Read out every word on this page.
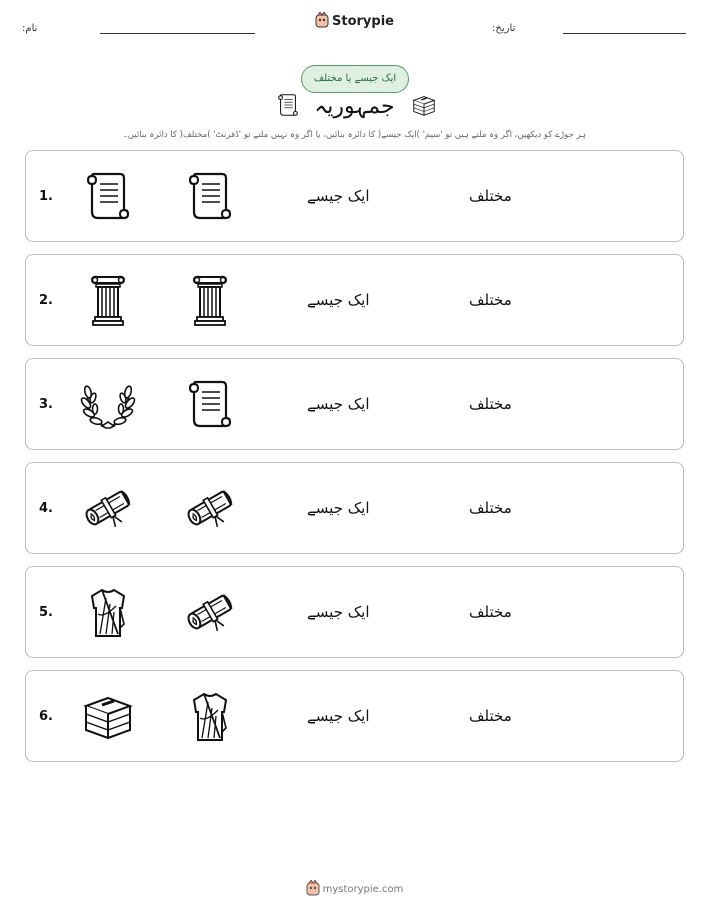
:نام	Storypie	:تاریخ
ایک جیسے یا مختلف
جمہوریہ
ہر جوڑے کو دیکھیں، اگر وہ ملتے ہیں تو 'سیم' )ایک جیسے( کا دائرہ بنائیں، یا اگر وہ نہیں ملتے تو 'ڈفرنٹ' )مختلف( کا دائرہ بنائیں۔
1.	ایک جیسے	مختلف
2.	ایک جیسے	مختلف
3.	ایک جیسے	مختلف
4.	ایک جیسے	مختلف
5.	ایک جیسے	مختلف
6.	ایک جیسے	مختلف
mystorypie.com
